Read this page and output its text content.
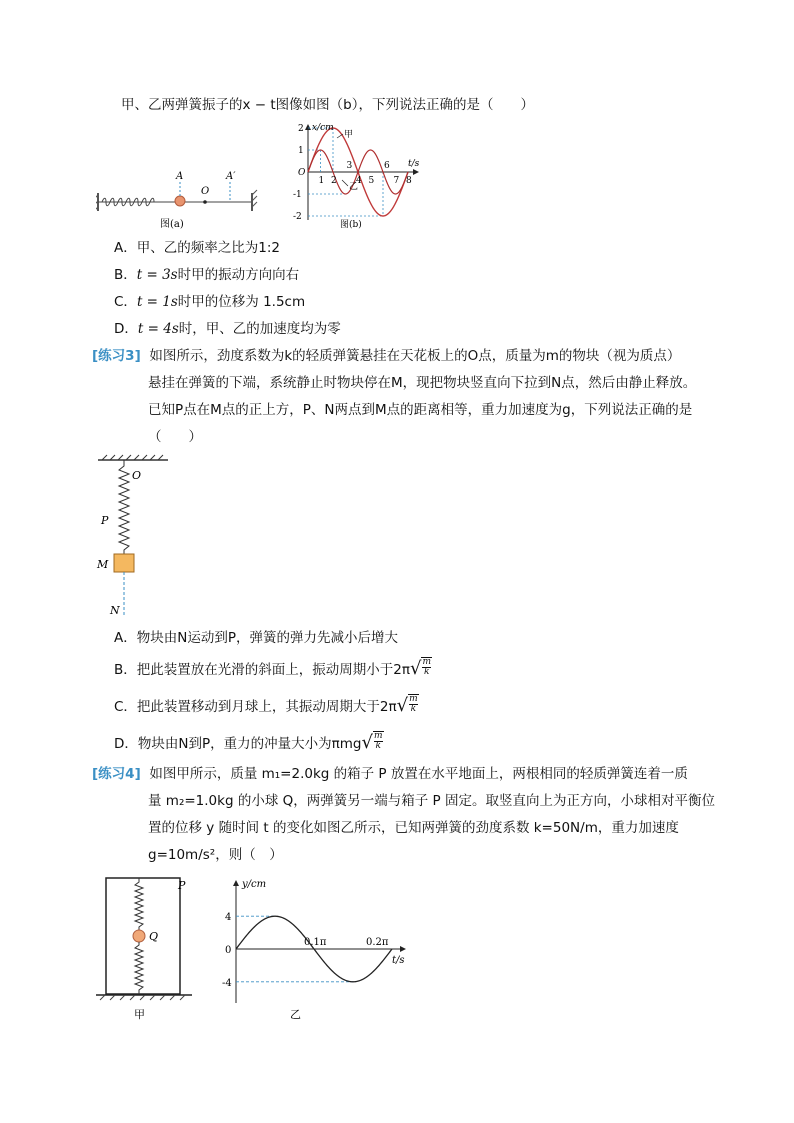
甲、乙两弹簧振子的x − t图像如图（b），下列说法正确的是（　　）
A
O
A′
图(a)
2
1
-1
-2
1 2 4 5 7 8
3	6
x/cm
t/s
甲
乙
O
图(b)
A．甲、乙的频率之比为1:2
B．t = 3s时甲的振动方向向右
C．t = 1s时甲的位移为 1.5cm
D．t = 4s时，甲、乙的加速度均为零
[练习3] 如图所示，劲度系数为k的轻质弹簧悬挂在天花板上的O点，质量为m的物块（视为质点）
悬挂在弹簧的下端，系统静止时物块停在M，现把物块竖直向下拉到N点，然后由静止释放。
已知P点在M点的正上方，P、N两点到M点的距离相等，重力加速度为g，下列说法正确的是
（　　）
O
P
M
N
A．物块由N运动到P，弹簧的弹力先减小后增大
B．把此装置放在光滑的斜面上，振动周期小于2π √ $\frac{m}{k}$
C．把此装置移动到月球上，其振动周期大于2π √ $\frac{m}{k}$
D．物块由N到P，重力的冲量大小为πmg √ $\frac{m}{k}$
[练习4] 如图甲所示，质量 m₁=2.0kg 的箱子 P 放置在水平地面上，两根相同的轻质弹簧连着一质
量 m₂=1.0kg 的小球 Q，两弹簧另一端与箱子 P 固定。取竖直向上为正方向，小球相对平衡位
置的位移 y 随时间 t 的变化如图乙所示，已知两弹簧的劲度系数 k=50N/m，重力加速度
g=10m/s²，则（　）
P
Q
甲
y/cm
t/s
4
0
-4
0.1π	0.2π
乙
